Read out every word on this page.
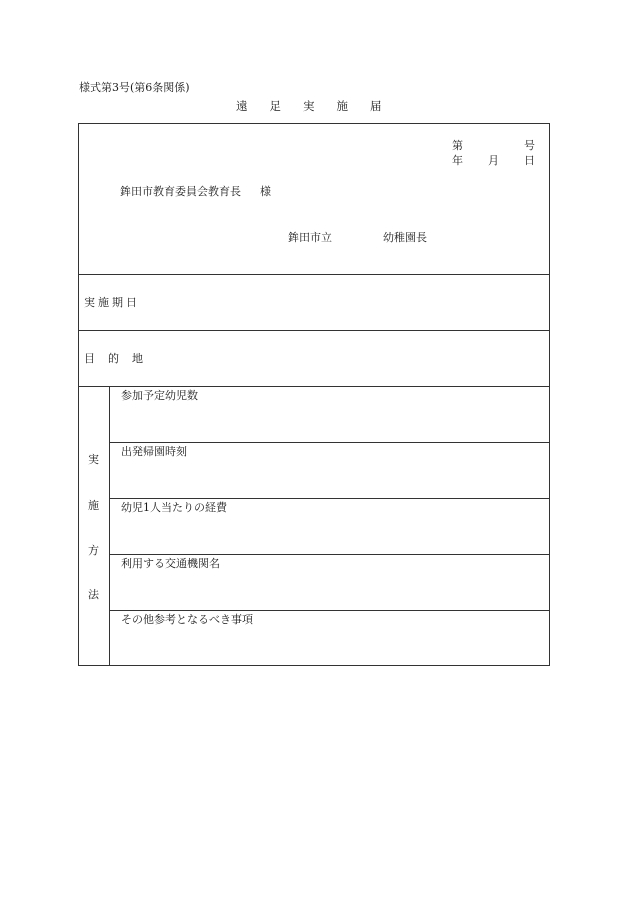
様式第3号(第6条関係)
遠 足 実 施 届
第	号
年 月 日
鉾田市教育委員会教育長 様
鉾田市立	幼稚園長
実 施 期 日
目 的 地
実
施
方
法
参加予定幼児数
出発帰園時刻
幼児1人当たりの経費
利用する交通機関名
その他参考となるべき事項
